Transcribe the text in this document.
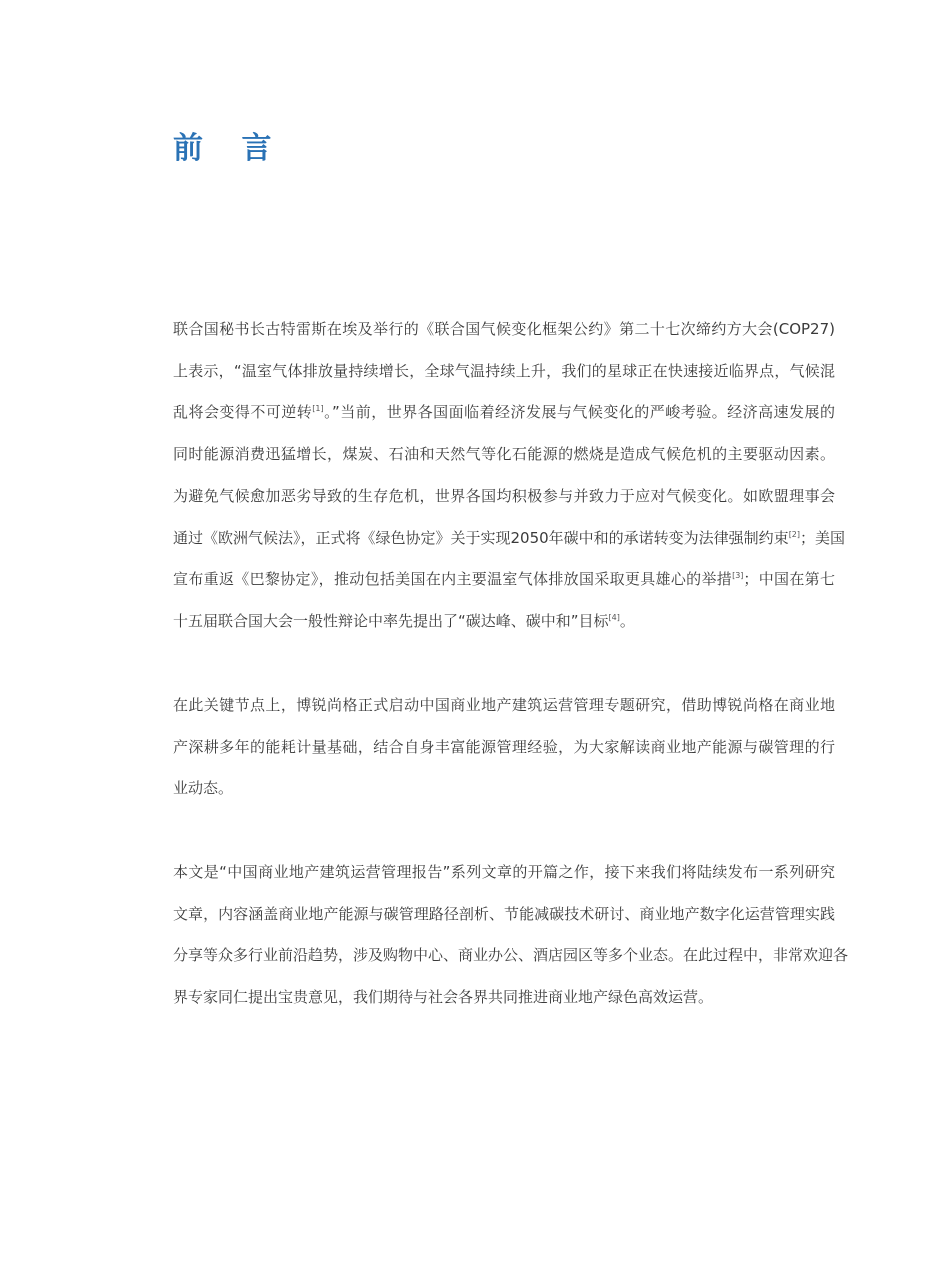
前 言
联合国秘书长古特雷斯在埃及举行的《联合国气候变化框架公约》第二十七次缔约方大会(COP27)
上表示，“温室气体排放量持续增长，全球气温持续上升，我们的星球正在快速接近临界点，气候混
乱将会变得不可逆转[1]。”当前，世界各国面临着经济发展与气候变化的严峻考验。经济高速发展的
同时能源消费迅猛增长，煤炭、石油和天然气等化石能源的燃烧是造成气候危机的主要驱动因素。
为避免气候愈加恶劣导致的生存危机，世界各国均积极参与并致力于应对气候变化。如欧盟理事会
通过《欧洲气候法》，正式将《绿色协定》关于实现2050年碳中和的承诺转变为法律强制约束[2]；美国
宣布重返《巴黎协定》，推动包括美国在内主要温室气体排放国采取更具雄心的举措[3]；中国在第七
十五届联合国大会一般性辩论中率先提出了“碳达峰、碳中和”目标[4]。
在此关键节点上，博锐尚格正式启动中国商业地产建筑运营管理专题研究，借助博锐尚格在商业地
产深耕多年的能耗计量基础，结合自身丰富能源管理经验，为大家解读商业地产能源与碳管理的行
业动态。
本文是“中国商业地产建筑运营管理报告”系列文章的开篇之作，接下来我们将陆续发布一系列研究
文章，内容涵盖商业地产能源与碳管理路径剖析、节能减碳技术研讨、商业地产数字化运营管理实践
分享等众多行业前沿趋势，涉及购物中心、商业办公、酒店园区等多个业态。在此过程中，非常欢迎各
界专家同仁提出宝贵意见，我们期待与社会各界共同推进商业地产绿色高效运营。
